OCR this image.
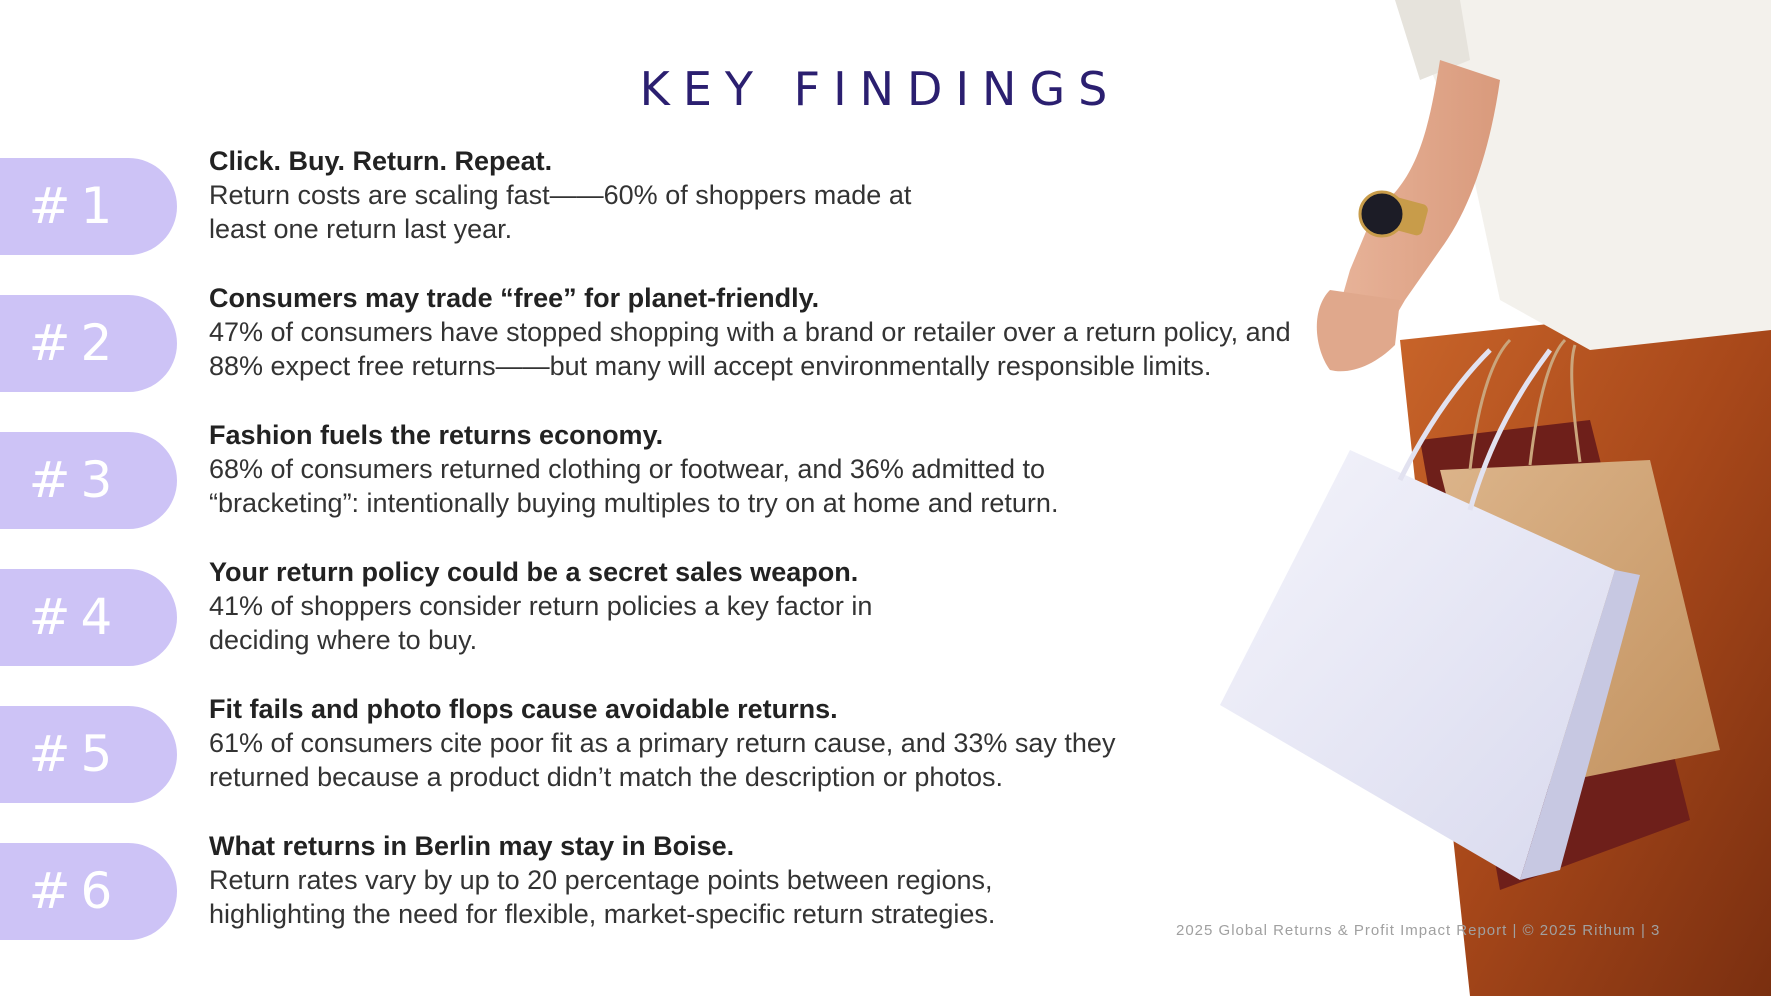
KEY FINDINGS
#1
Click. Buy. Return. Repeat.
Return costs are scaling fast——60% of shoppers made at
least one return last year.
#2
Consumers may trade “free” for planet-friendly.
47% of consumers have stopped shopping with a brand or retailer over a return policy, and
88% expect free returns——but many will accept environmentally responsible limits.
#3
Fashion fuels the returns economy.
68% of consumers returned clothing or footwear, and 36% admitted to
“bracketing”: intentionally buying multiples to try on at home and return.
#4
Your return policy could be a secret sales weapon.
41% of shoppers consider return policies a key factor in
deciding where to buy.
#5
Fit fails and photo flops cause avoidable returns.
61% of consumers cite poor fit as a primary return cause, and 33% say they
returned because a product didn’t match the description or photos.
#6
What returns in Berlin may stay in Boise.
Return rates vary by up to 20 percentage points between regions,
highlighting the need for flexible, market-specific return strategies.
2025 Global Returns & Profit Impact Report | © 2025 Rithum | 3
